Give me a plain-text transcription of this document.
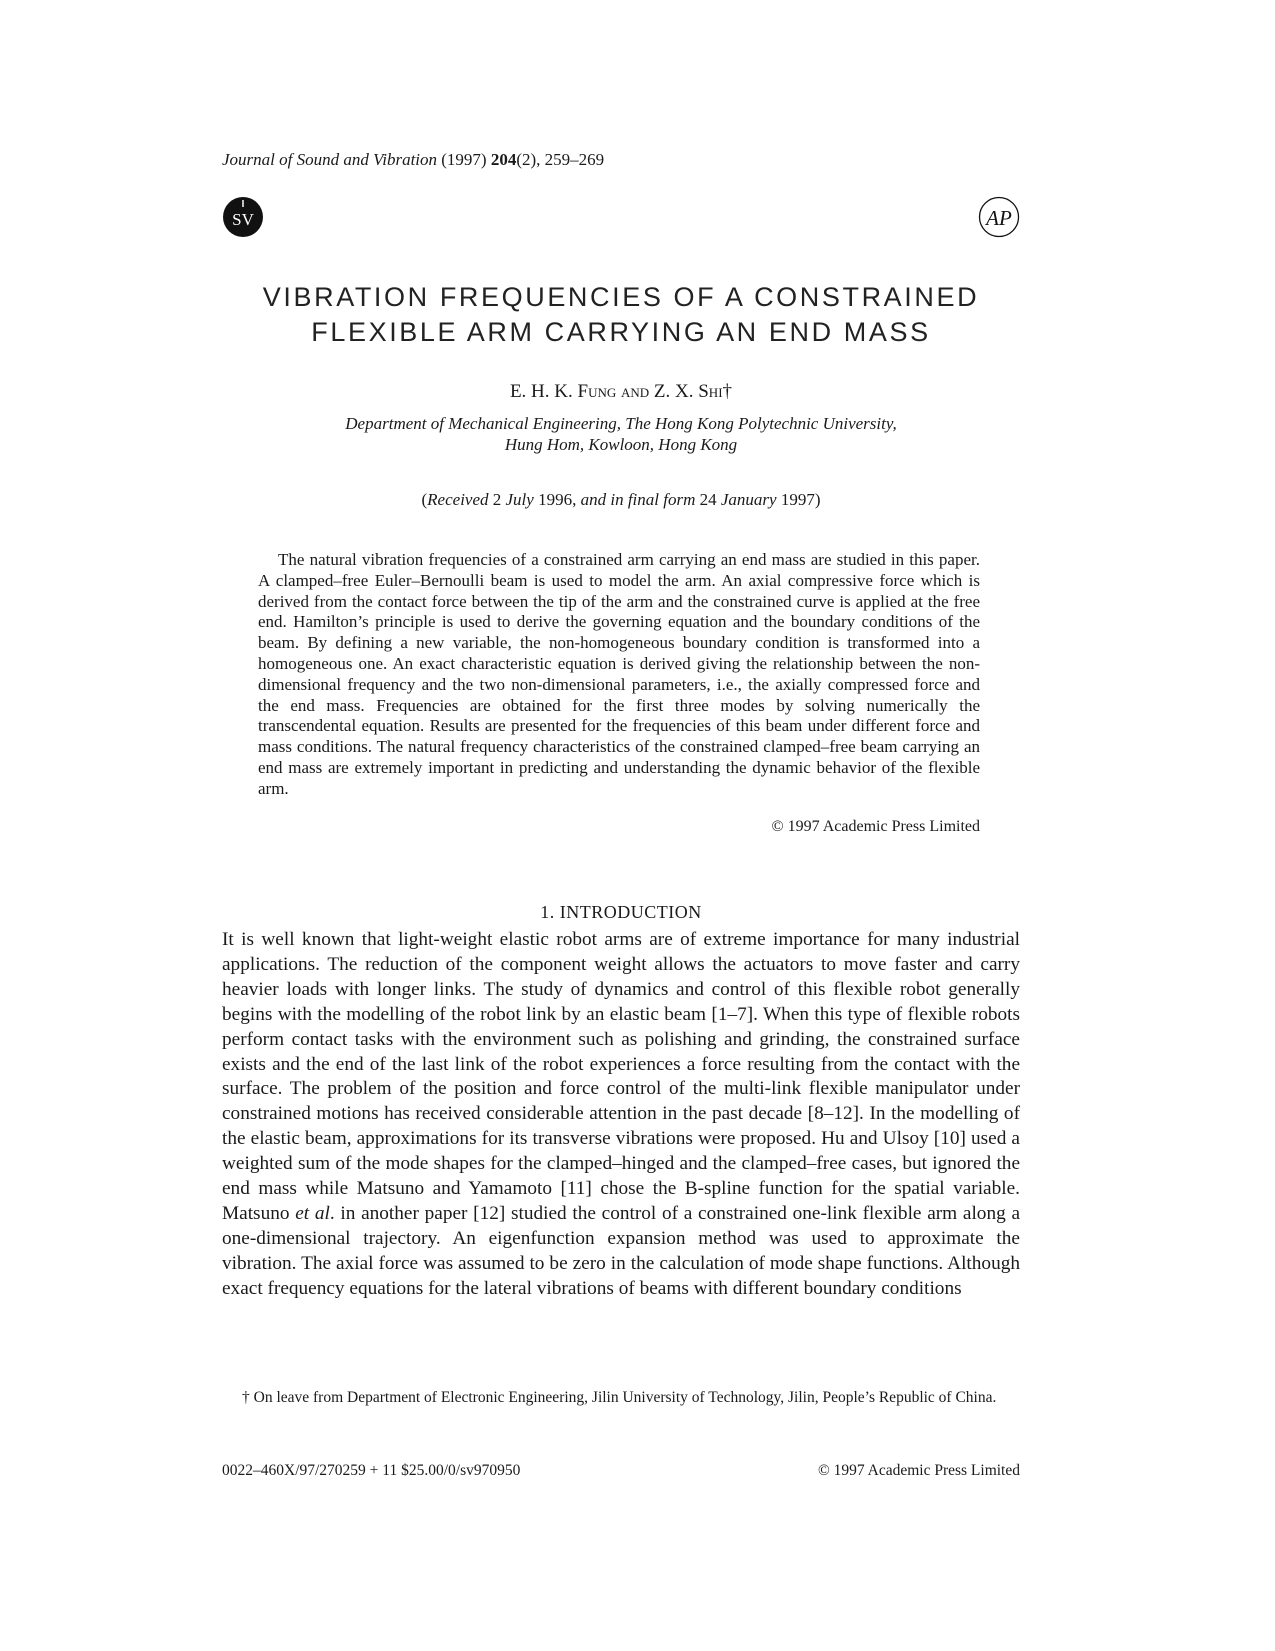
Journal of Sound and Vibration (1997) 204(2), 259–269
SV	AP
VIBRATION FREQUENCIES OF A CONSTRAINED
FLEXIBLE ARM CARRYING AN END MASS
E. H. K. Fung and Z. X. Shi†
Department of Mechanical Engineering, The Hong Kong Polytechnic University,
Hung Hom, Kowloon, Hong Kong
(Received 2 July 1996, and in final form 24 January 1997)
The natural vibration frequencies of a constrained arm carrying an end mass are studied in this paper. A clamped–free Euler–Bernoulli beam is used to model the arm. An axial compressive force which is derived from the contact force between the tip of the arm and the constrained curve is applied at the free end. Hamilton’s principle is used to derive the governing equation and the boundary conditions of the beam. By defining a new variable, the non-homogeneous boundary condition is transformed into a homogeneous one. An exact characteristic equation is derived giving the relationship between the non-dimensional frequency and the two non-dimensional parameters, i.e., the axially compressed force and the end mass. Frequencies are obtained for the first three modes by solving numerically the transcendental equation. Results are presented for the frequencies of this beam under different force and mass conditions. The natural frequency characteristics of the constrained clamped–free beam carrying an end mass are extremely important in predicting and understanding the dynamic behavior of the flexible arm.
© 1997 Academic Press Limited
1. INTRODUCTION
It is well known that light-weight elastic robot arms are of extreme importance for many industrial applications. The reduction of the component weight allows the actuators to move faster and carry heavier loads with longer links. The study of dynamics and control of this flexible robot generally begins with the modelling of the robot link by an elastic beam [1–7]. When this type of flexible robots perform contact tasks with the environment such as polishing and grinding, the constrained surface exists and the end of the last link of the robot experiences a force resulting from the contact with the surface. The problem of the position and force control of the multi-link flexible manipulator under constrained motions has received considerable attention in the past decade [8–12]. In the modelling of the elastic beam, approximations for its transverse vibrations were proposed. Hu and Ulsoy [10] used a weighted sum of the mode shapes for the clamped–hinged and the clamped–free cases, but ignored the end mass while Matsuno and Yamamoto [11] chose the B-spline function for the spatial variable. Matsuno et al. in another paper [12] studied the control of a constrained one-link flexible arm along a one-dimensional trajectory. An eigenfunction expansion method was used to approximate the vibration. The axial force was assumed to be zero in the calculation of mode shape functions. Although exact frequency equations for the lateral vibrations of beams with different boundary conditions
† On leave from Department of Electronic Engineering, Jilin University of Technology, Jilin, People’s Republic of China.
0022–460X/97/270259 + 11 $25.00/0/sv970950	© 1997 Academic Press Limited
